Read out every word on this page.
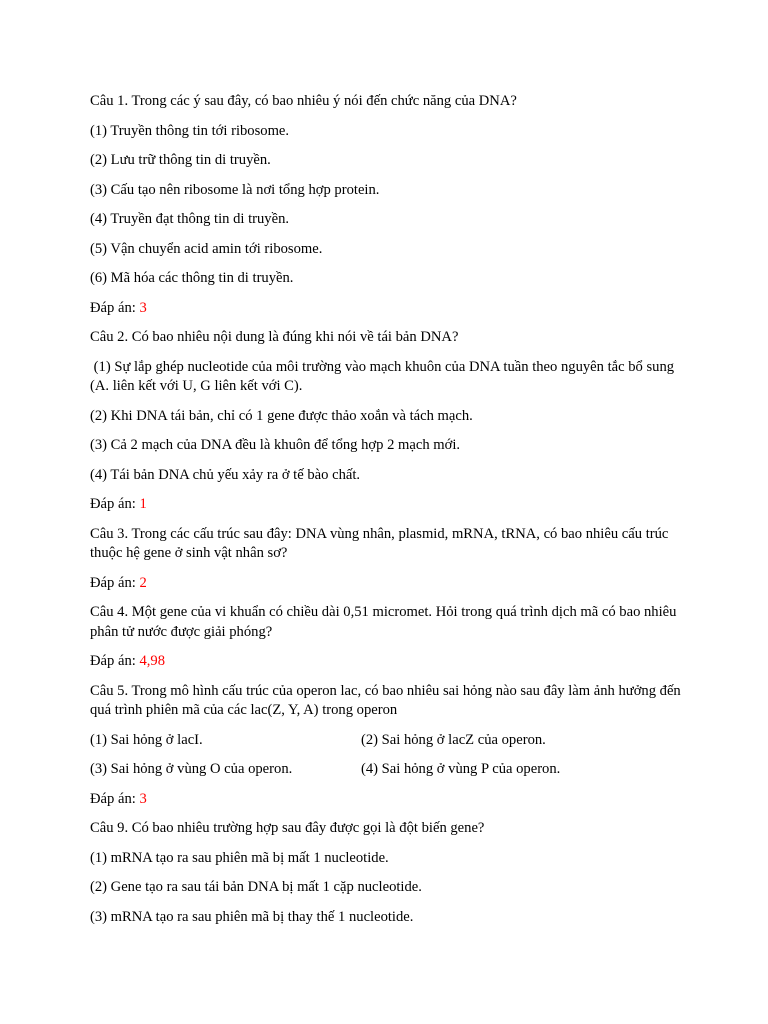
Câu 1. Trong các ý sau đây, có bao nhiêu ý nói đến chức năng của DNA?

(1) Truyền thông tin tới ribosome.

(2) Lưu trữ thông tin di truyền.

(3) Cấu tạo nên ribosome là nơi tổng hợp protein.

(4) Truyền đạt thông tin di truyền.

(5) Vận chuyển acid amin tới ribosome.

(6) Mã hóa các thông tin di truyền.

Đáp án: 3

Câu 2. Có bao nhiêu nội dung là đúng khi nói về tái bản DNA?

(1) Sự lắp ghép nucleotide của môi trường vào mạch khuôn của DNA tuần theo nguyên tắc bổ sung (A. liên kết với U, G liên kết với C).

(2) Khi DNA tái bản, chỉ có 1 gene được thảo xoắn và tách mạch.

(3) Cả 2 mạch của DNA đều là khuôn để tổng hợp 2 mạch mới.

(4) Tái bản DNA chủ yếu xảy ra ở tế bào chất.

Đáp án: 1

Câu 3. Trong các cấu trúc sau đây: DNA vùng nhân, plasmid, mRNA, tRNA, có bao nhiêu cấu trúc thuộc hệ gene ở sinh vật nhân sơ?

Đáp án: 2

Câu 4. Một gene của vi khuẩn có chiều dài 0,51 micromet. Hỏi trong quá trình dịch mã có bao nhiêu phân tử nước được giải phóng?

Đáp án: 4,98

Câu 5. Trong mô hình cấu trúc của operon lac, có bao nhiêu sai hỏng nào sau đây làm ảnh hưởng đến quá trình phiên mã của các lac(Z, Y, A) trong operon

(1) Sai hỏng ở lacI.	(2) Sai hỏng ở lacZ của operon.
(3) Sai hỏng ở vùng O của operon.	(4) Sai hỏng ở vùng P của operon.

Đáp án: 3

Câu 9. Có bao nhiêu trường hợp sau đây được gọi là đột biến gene?

(1) mRNA tạo ra sau phiên mã bị mất 1 nucleotide.

(2) Gene tạo ra sau tái bản DNA bị mất 1 cặp nucleotide.

(3) mRNA tạo ra sau phiên mã bị thay thế 1 nucleotide.
